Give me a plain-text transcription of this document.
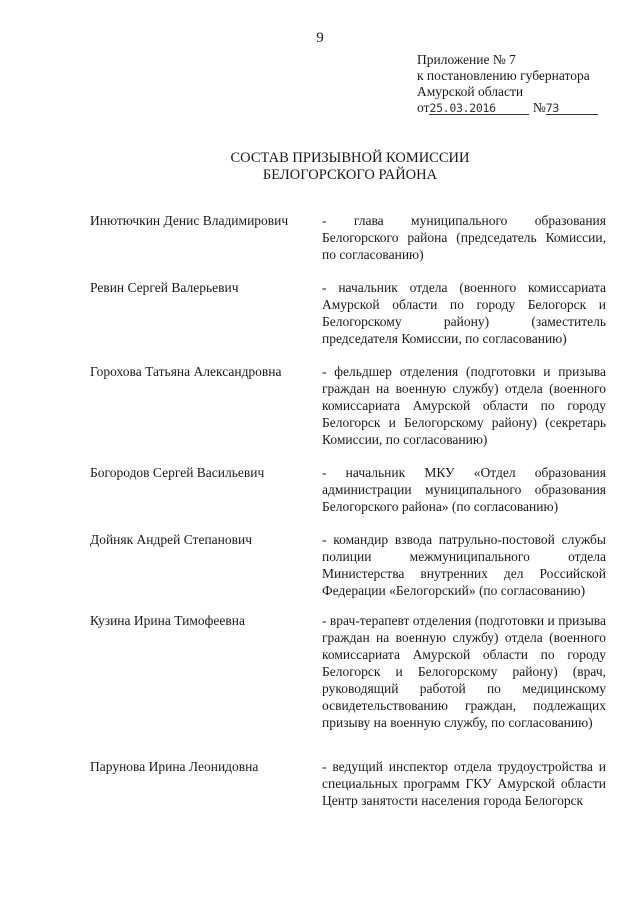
9
Приложение № 7
к постановлению губернатора
Амурской области
от25.03.2016	№73
СОСТАВ ПРИЗЫВНОЙ КОМИССИИ
БЕЛОГОРСКОГО РАЙОНА
Инютючкин Денис Владимирович	- глава муниципального образования Белогорского района (председатель Комиссии, по согласованию)
Ревин Сергей Валерьевич	- начальник отдела (военного комиссариата Амурской области по городу Белогорск и Белогорскому району) (заместитель председателя Комиссии, по согласованию)
Горохова Татьяна Александровна	- фельдшер отделения (подготовки и призыва граждан на военную службу) отдела (военного комиссариата Амурской области по городу Белогорск и Белогорскому району) (секретарь Комиссии, по согласованию)
Богородов Сергей Васильевич	- начальник МКУ «Отдел образования администрации муниципального образования Белогорского района» (по согласованию)
Дойняк Андрей Степанович	- командир взвода патрульно-постовой службы полиции межмуниципального отдела Министерства внутренних дел Российской Федерации «Белогорский» (по согласованию)
Кузина Ирина Тимофеевна	- врач-терапевт отделения (подготовки и призыва граждан на военную службу) отдела (военного комиссариата Амурской области по городу Белогорск и Белогорскому району) (врач, руководящий работой по медицинскому освидетельствованию граждан, подлежащих призыву на военную службу, по согласованию)
Парунова Ирина Леонидовна	- ведущий инспектор отдела трудоустройства и специальных программ ГКУ Амурской области Центр занятости населения города Белогорск
